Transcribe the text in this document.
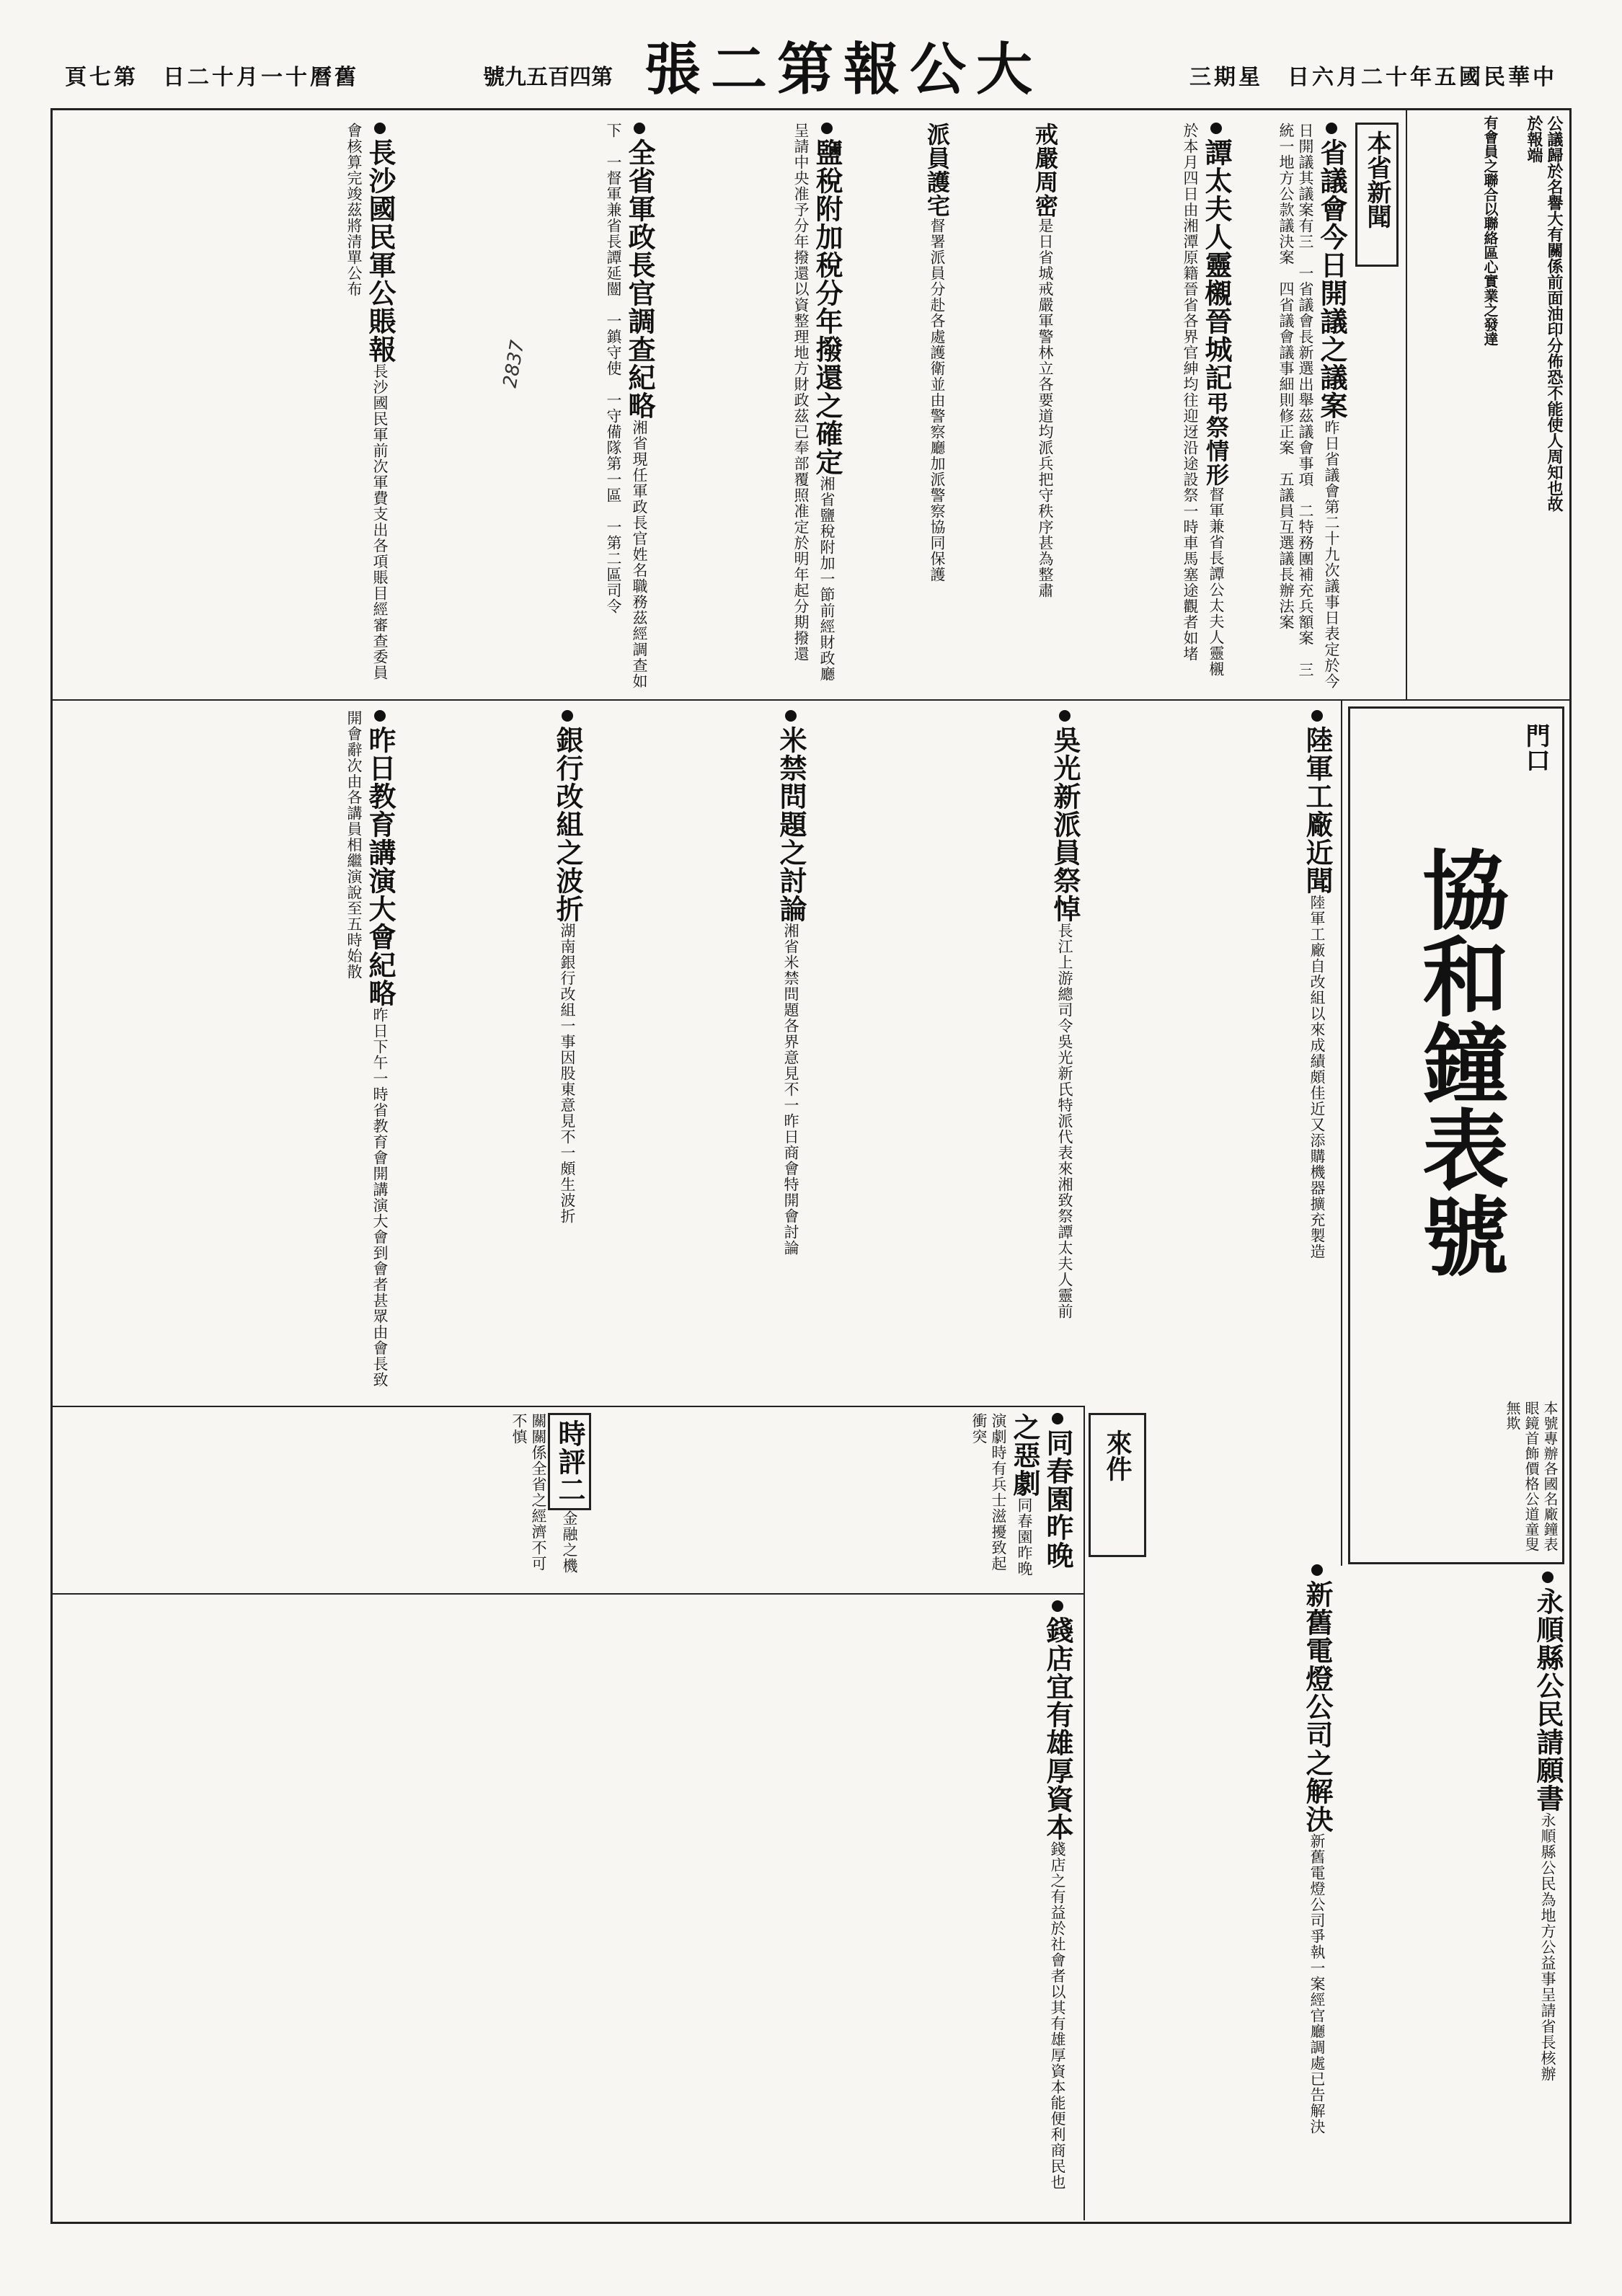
中華民國五年十二月六日　星期三
大公報第二張
第四百五九號
舊曆十一月十二日　第七頁
公議歸於名譽大有關係前面油印分佈恐不能使人周知也故於報端
本省新聞
省議會今日開議之議案昨日省議會第二十九次議事日表定於今日開議其議案有三　一省議會長新選出舉茲議會事項　二特務團補充兵額案　三統一地方公款議決案　四省議會議事細則修正案　五議員互選議長辦法案
譚太夫人靈櫬晉城記弔祭情形督軍兼省長譚公太夫人靈櫬於本月四日由湘潭原籍晉省各界官紳均往迎迓沿途設祭一時車馬塞途觀者如堵
戒嚴周密是日省城戒嚴軍警林立各要道均派兵把守秩序甚為整肅
派員護宅督署派員分赴各處護衛並由警察廳加派警察協同保護
鹽稅附加稅分年撥還之確定湘省鹽稅附加一節前經財政廳呈請中央准予分年撥還以資整理地方財政茲已奉部覆照准定於明年起分期撥還
全省軍政長官調查紀略湘省現任軍政長官姓名職務茲經調查如下　一督軍兼省長譚延闓　一鎮守使　一守備隊第一區　一第二區司令
長沙國民軍公賬報長沙國民軍前次軍費支出各項賬目經審查委員會核算完竣茲將清單公布	有會員之聯合以聯絡區心實業之發達
協和鐘表號
門口
本號專辦各國名廠鐘表眼鏡首飾價格公道童叟無欺
陸軍工廠近聞陸軍工廠自改組以來成績頗佳近又添購機器擴充製造
吳光新派員祭悼長江上游總司令吳光新氏特派代表來湘致祭譚太夫人靈前
米禁問題之討論湘省米禁問題各界意見不一昨日商會特開會討論
銀行改組之波折湖南銀行改組一事因股東意見不一頗生波折
昨日教育講演大會紀略昨日下午一時省教育會開講演大會到會者甚眾由會長致開會辭次由各講員相繼演說至五時始散
永順縣公民請願書永順縣公民為地方公益事呈請省長核辦
來件
新舊電燈公司之解決新舊電燈公司爭執一案經官廳調處已告解決
同春園昨晚之惡劇同春園昨晚演劇時有兵士滋擾致起衝突
時評二金融之機關關係全省之經濟不可不慎
錢店宜有雄厚資本錢店之有益於社會者以其有雄厚資本能便利商民也
2837
